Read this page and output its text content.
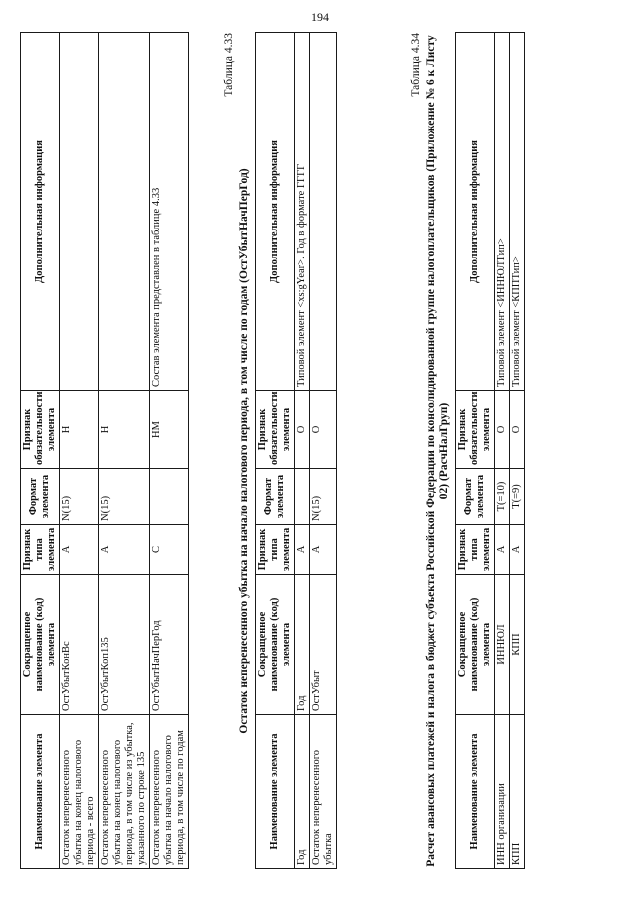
194
Наименование элемента	Сокращенное наименование (код) элемента	Признак типа элемента	Формат элемента	Признак обязательности элемента	Дополнительная информация
Остаток неперенесенного убытка на конец налогового периода - всего	ОстУбытКонВс	А	N(15)	Н	
Остаток неперенесенного убытка на конец налогового периода, в том числе из убытка, указанного по строке 135	ОстУбытКоп135	А	N(15)	Н	
Остаток неперенесенного убытка на начало налогового периода, в том числе по годам	ОстУбытНачПерГод	С		НМ	Состав элемента представлен в таблице 4.33
Таблица 4.33
Остаток неперенесенного убытка на начало налогового периода, в том числе по годам (ОстУбытНачПерГод)
Наименование элемента	Сокращенное наименование (код) элемента	Признак типа элемента	Формат элемента	Признак обязательности элемента	Дополнительная информация
Год	Год	А		О	Типовой элемент <xs:gYear>. Год в формате ГГГГ
Остаток неперенесенного убытка	ОстУбыт	А	N(15)	О	
Таблица 4.34 Расчет авансовых платежей и налога в бюджет субъекта Российской Федерации по консолидированной группе налогоплательщиков (Приложение № 6 к Листу 02) (РасчНалГруп)
Наименование элемента	Сокращенное наименование (код) элемента	Признак типа элемента	Формат элемента	Признак обязательности элемента	Дополнительная информация
ИНН организации	ИННЮЛ	А	T(=10)	О	Типовой элемент <ИННЮЛТип>
КПП	КПП	А	T(=9)	О	Типовой элемент <КППТип>
